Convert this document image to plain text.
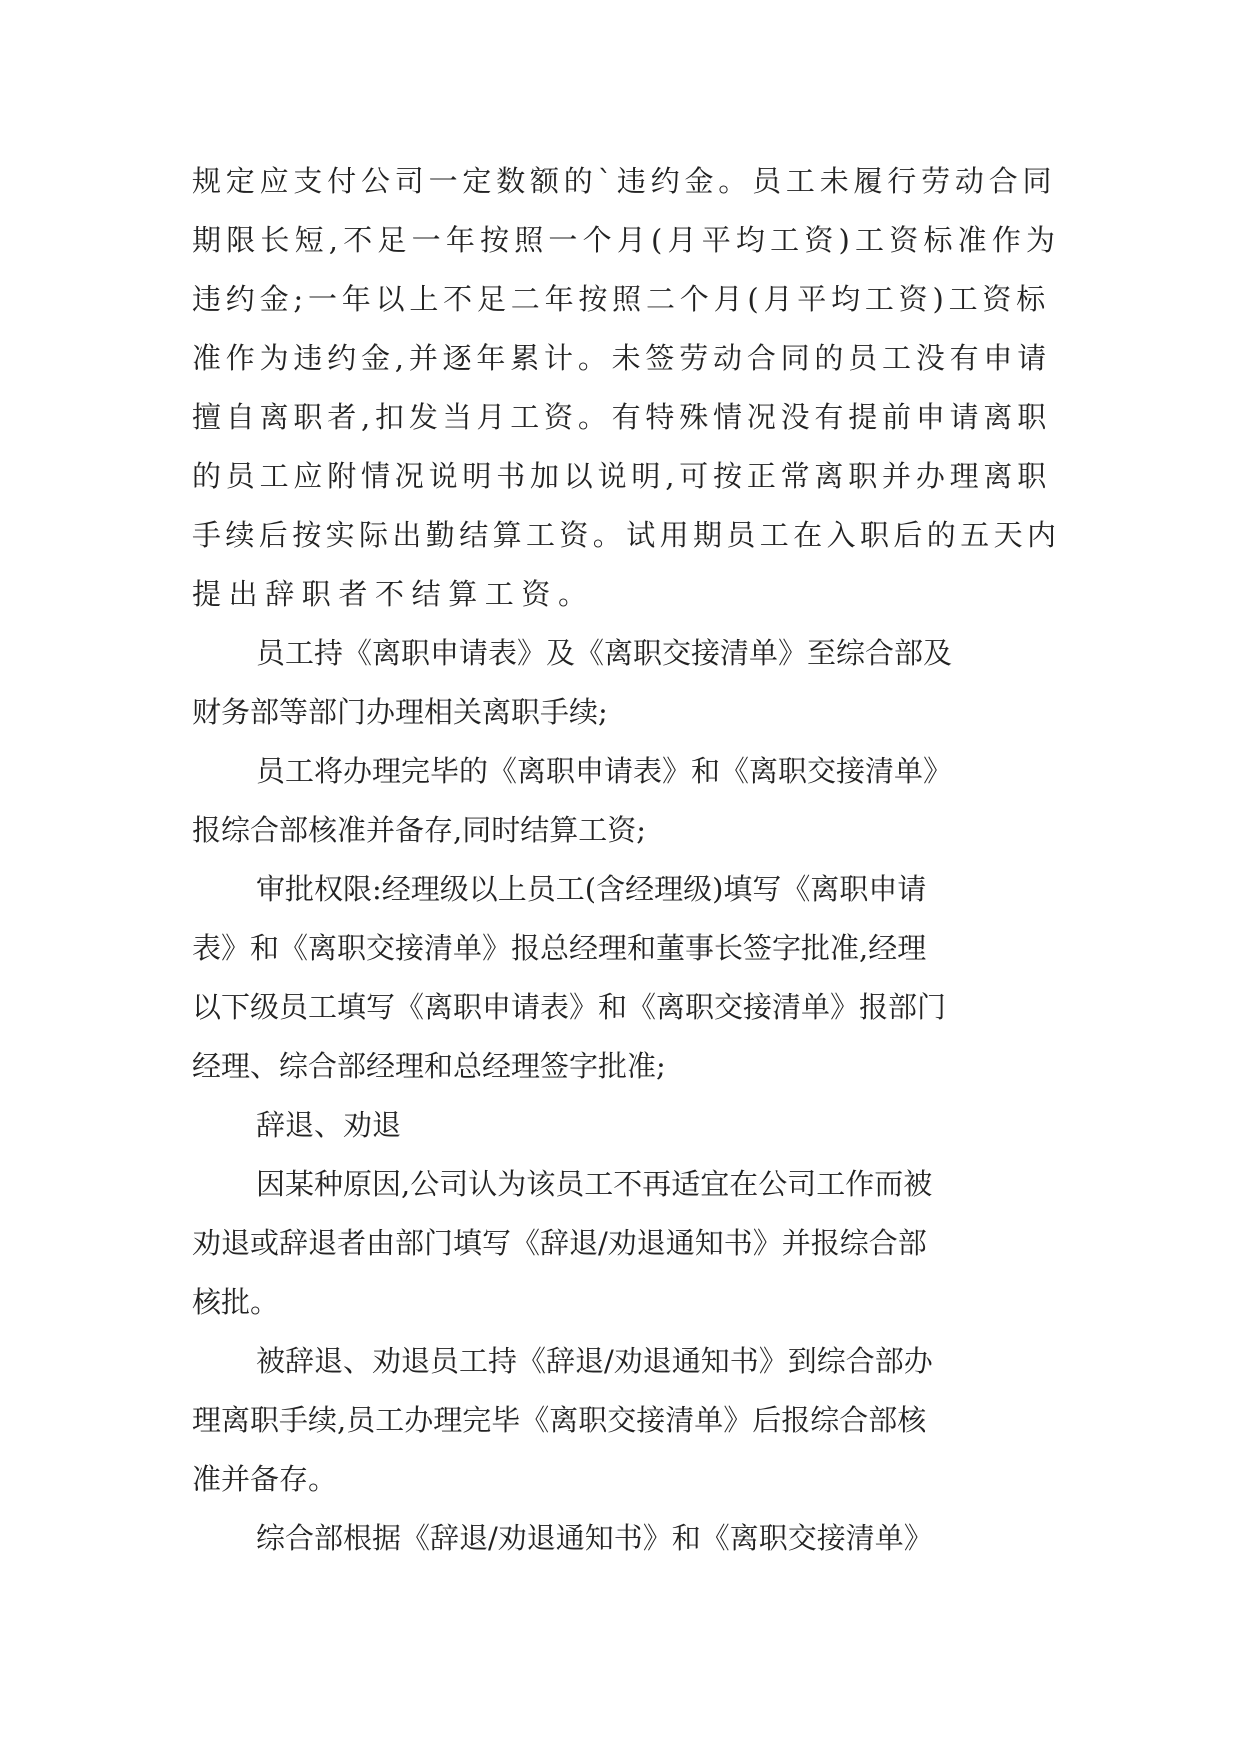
规定应支付公司一定数额的`违约金。员工未履行劳动合同
期限长短,不足一年按照一个月(月平均工资)工资标准作为
违约金;一年以上不足二年按照二个月(月平均工资)工资标
准作为违约金,并逐年累计。未签劳动合同的员工没有申请
擅自离职者,扣发当月工资。有特殊情况没有提前申请离职
的员工应附情况说明书加以说明,可按正常离职并办理离职
手续后按实际出勤结算工资。试用期员工在入职后的五天内
提出辞职者不结算工资。

员工持《离职申请表》及《离职交接清单》至综合部及
财务部等部门办理相关离职手续;

员工将办理完毕的《离职申请表》和《离职交接清单》
报综合部核准并备存,同时结算工资;

审批权限:经理级以上员工(含经理级)填写《离职申请
表》和《离职交接清单》报总经理和董事长签字批准,经理
以下级员工填写《离职申请表》和《离职交接清单》报部门
经理、综合部经理和总经理签字批准;

辞退、劝退

因某种原因,公司认为该员工不再适宜在公司工作而被
劝退或辞退者由部门填写《辞退/劝退通知书》并报综合部
核批。

被辞退、劝退员工持《辞退/劝退通知书》到综合部办
理离职手续,员工办理完毕《离职交接清单》后报综合部核
准并备存。

综合部根据《辞退/劝退通知书》和《离职交接清单》
